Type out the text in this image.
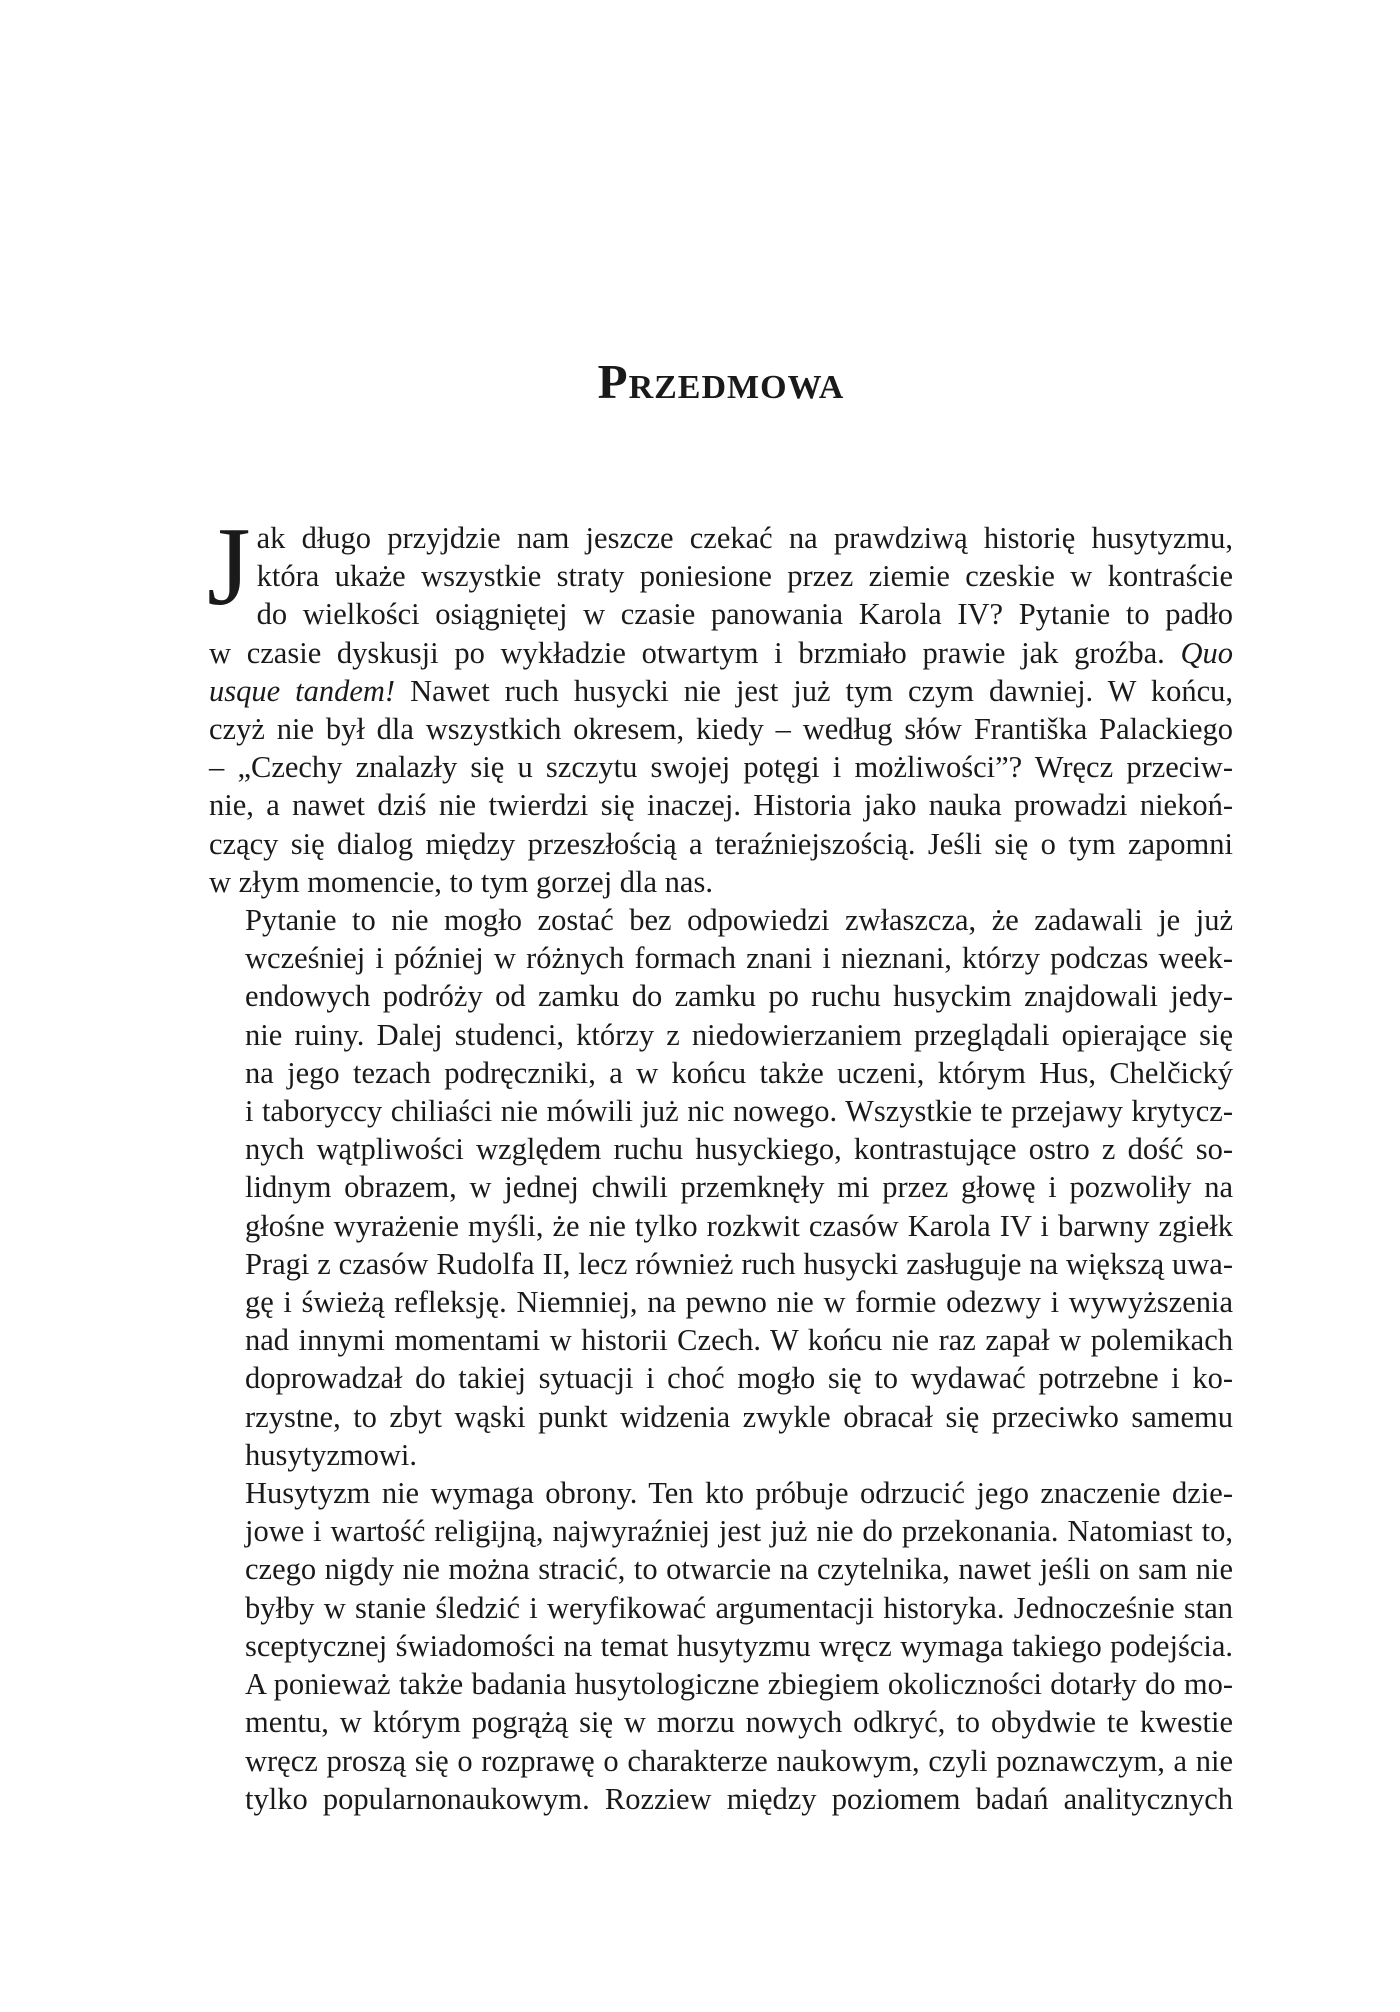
Przedmowa

J ak długo przyjdzie nam jeszcze czekać na prawdziwą historię husytyzmu,
która ukaże wszystkie straty poniesione przez ziemie czeskie w kontraście
do wielkości osiągniętej w czasie panowania Karola IV? Pytanie to padło
w czasie dyskusji po wykładzie otwartym i brzmiało prawie jak groźba. Quo
usque tandem! Nawet ruch husycki nie jest już tym czym dawniej. W końcu,
czyż nie był dla wszystkich okresem, kiedy – według słów Františka Palackiego
– „Czechy znalazły się u szczytu swojej potęgi i możliwości”? Wręcz przeciw-
nie, a nawet dziś nie twierdzi się inaczej. Historia jako nauka prowadzi niekoń-
czący się dialog między przeszłością a teraźniejszością. Jeśli się o tym zapomni
w złym momencie, to tym gorzej dla nas.

Pytanie to nie mogło zostać bez odpowiedzi zwłaszcza, że zadawali je już
wcześniej i później w różnych formach znani i nieznani, którzy podczas week-
endowych podróży od zamku do zamku po ruchu husyckim znajdowali jedy-
nie ruiny. Dalej studenci, którzy z niedowierzaniem przeglądali opierające się
na jego tezach podręczniki, a w końcu także uczeni, którym Hus, Chelčický
i taboryccy chiliaści nie mówili już nic nowego. Wszystkie te przejawy krytycz-
nych wątpliwości względem ruchu husyckiego, kontrastujące ostro z dość so-
lidnym obrazem, w jednej chwili przemknęły mi przez głowę i pozwoliły na
głośne wyrażenie myśli, że nie tylko rozkwit czasów Karola IV i barwny zgiełk
Pragi z czasów Rudolfa II, lecz również ruch husycki zasługuje na większą uwa-
gę i świeżą refleksję. Niemniej, na pewno nie w formie odezwy i wywyższenia
nad innymi momentami w historii Czech. W końcu nie raz zapał w polemikach
doprowadzał do takiej sytuacji i choć mogło się to wydawać potrzebne i ko-
rzystne, to zbyt wąski punkt widzenia zwykle obracał się przeciwko samemu
husytyzmowi.

Husytyzm nie wymaga obrony. Ten kto próbuje odrzucić jego znaczenie dzie-
jowe i wartość religijną, najwyraźniej jest już nie do przekonania. Natomiast to,
czego nigdy nie można stracić, to otwarcie na czytelnika, nawet jeśli on sam nie
byłby w stanie śledzić i weryfikować argumentacji historyka. Jednocześnie stan
sceptycznej świadomości na temat husytyzmu wręcz wymaga takiego podejścia.
A ponieważ także badania husytologiczne zbiegiem okoliczności dotarły do mo-
mentu, w którym pogrążą się w morzu nowych odkryć, to obydwie te kwestie
wręcz proszą się o rozprawę o charakterze naukowym, czyli poznawczym, a nie
tylko popularnonaukowym. Rozziew między poziomem badań analitycznych
